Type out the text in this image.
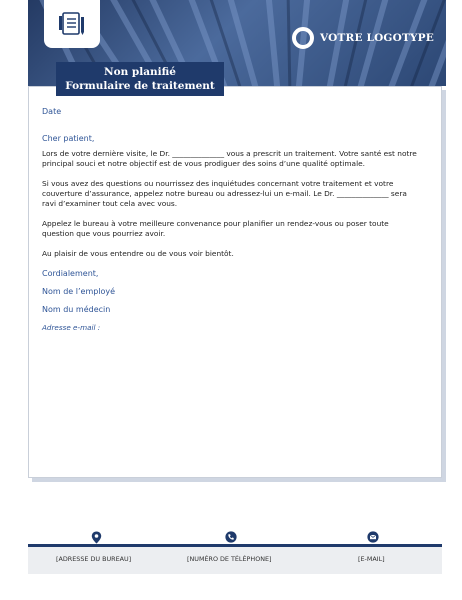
VOTRE LOGOTYPE
Non planifié
Formulaire de traitement
Date
Cher patient,

Lors de votre dernière visite, le Dr. ______________ vous a prescrit un traitement. Votre santé est notre principal souci et notre objectif est de vous prodiguer des soins d’une qualité optimale.

Si vous avez des questions ou nourrissez des inquiétudes concernant votre traitement et votre couverture d’assurance, appelez notre bureau ou adressez-lui un e-mail. Le Dr. ______________ sera ravi d’examiner tout cela avec vous.

Appelez le bureau à votre meilleure convenance pour planifier un rendez-vous ou poser toute question que vous pourriez avoir.

Au plaisir de vous entendre ou de vous voir bientôt.

Cordialement,
Nom de l’employé
Nom du médecin
Adresse e-mail :
[ADRESSE DU BUREAU]	[NUMÉRO DE TÉLÉPHONE]	[E-MAIL]
